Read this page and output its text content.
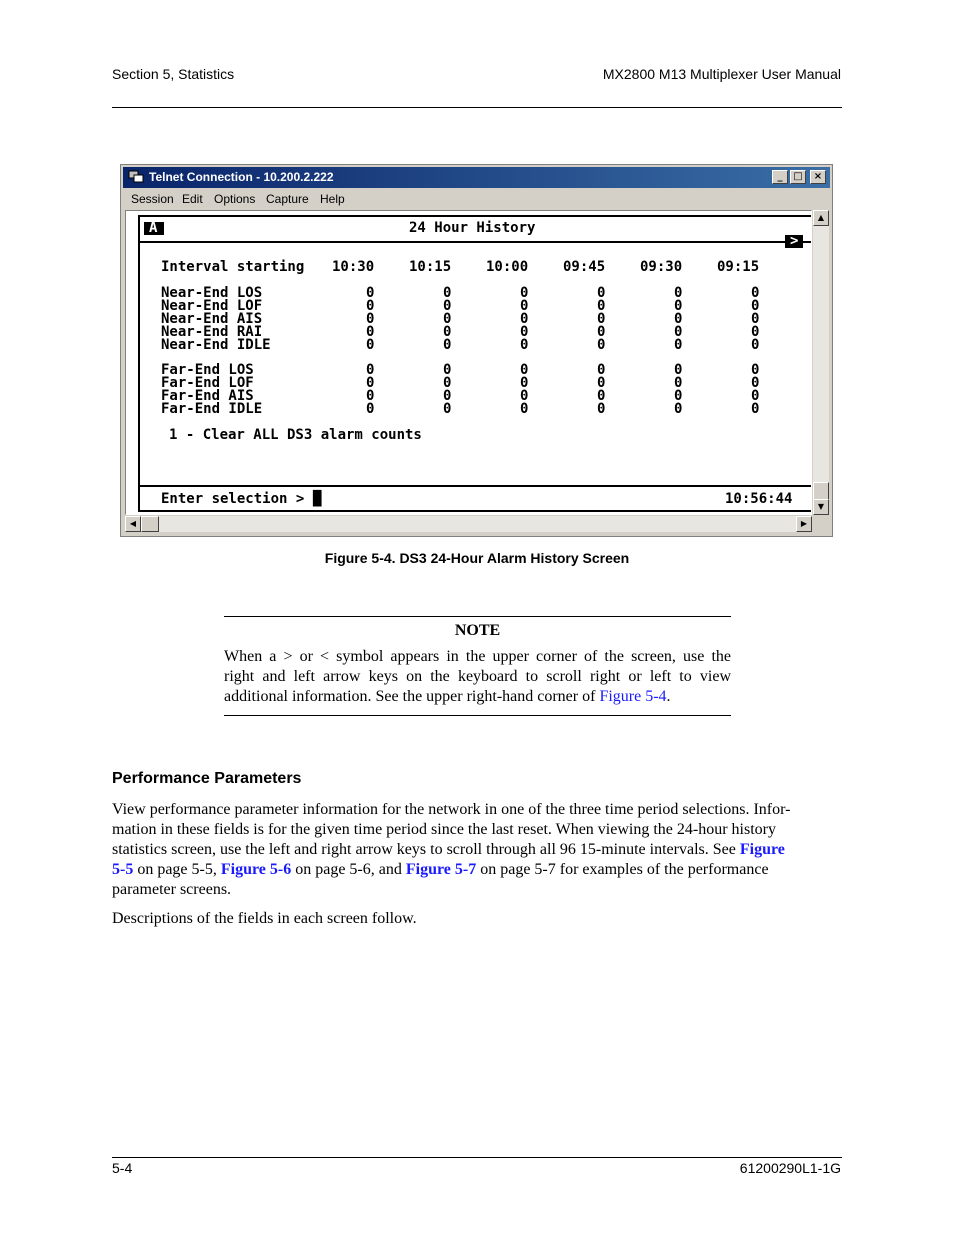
Section 5, Statistics	MX2800 M13 Multiplexer User Manual
Telnet Connection - 10.200.2.222	_	□	×
Session Edit Options Capture Help
A	24 Hour History
>
Interval starting 10:30 10:15 10:00 09:45 09:30 09:15
Near-End LOS	0	0	0	0	0	0
Near-End LOF	0	0	0	0	0	0
Near-End AIS	0	0	0	0	0	0
Near-End RAI	0	0	0	0	0	0
Near-End IDLE	0	0	0	0	0	0
Far-End LOS	0	0	0	0	0	0
Far-End LOF	0	0	0	0	0	0
Far-End AIS	0	0	0	0	0	0
Far-End IDLE	0	0	0	0	0	0
1 - Clear ALL DS3 alarm counts
Enter selection > █	10:56:44
▲
▼
◀	▶
Figure 5-4. DS3 24-Hour Alarm History Screen
NOTE
When a > or < symbol appears in the upper corner of the screen, use the
right and left arrow keys on the keyboard to scroll right or left to view
additional information. See the upper right-hand corner of Figure 5-4.
Performance Parameters
View performance parameter information for the network in one of the three time period selections. Infor-
mation in these fields is for the given time period since the last reset. When viewing the 24-hour history
statistics screen, use the left and right arrow keys to scroll through all 96 15-minute intervals. See Figure
5-5 on page 5-5, Figure 5-6 on page 5-6, and Figure 5-7 on page 5-7 for examples of the performance
parameter screens.
Descriptions of the fields in each screen follow.
5-4	61200290L1-1G
